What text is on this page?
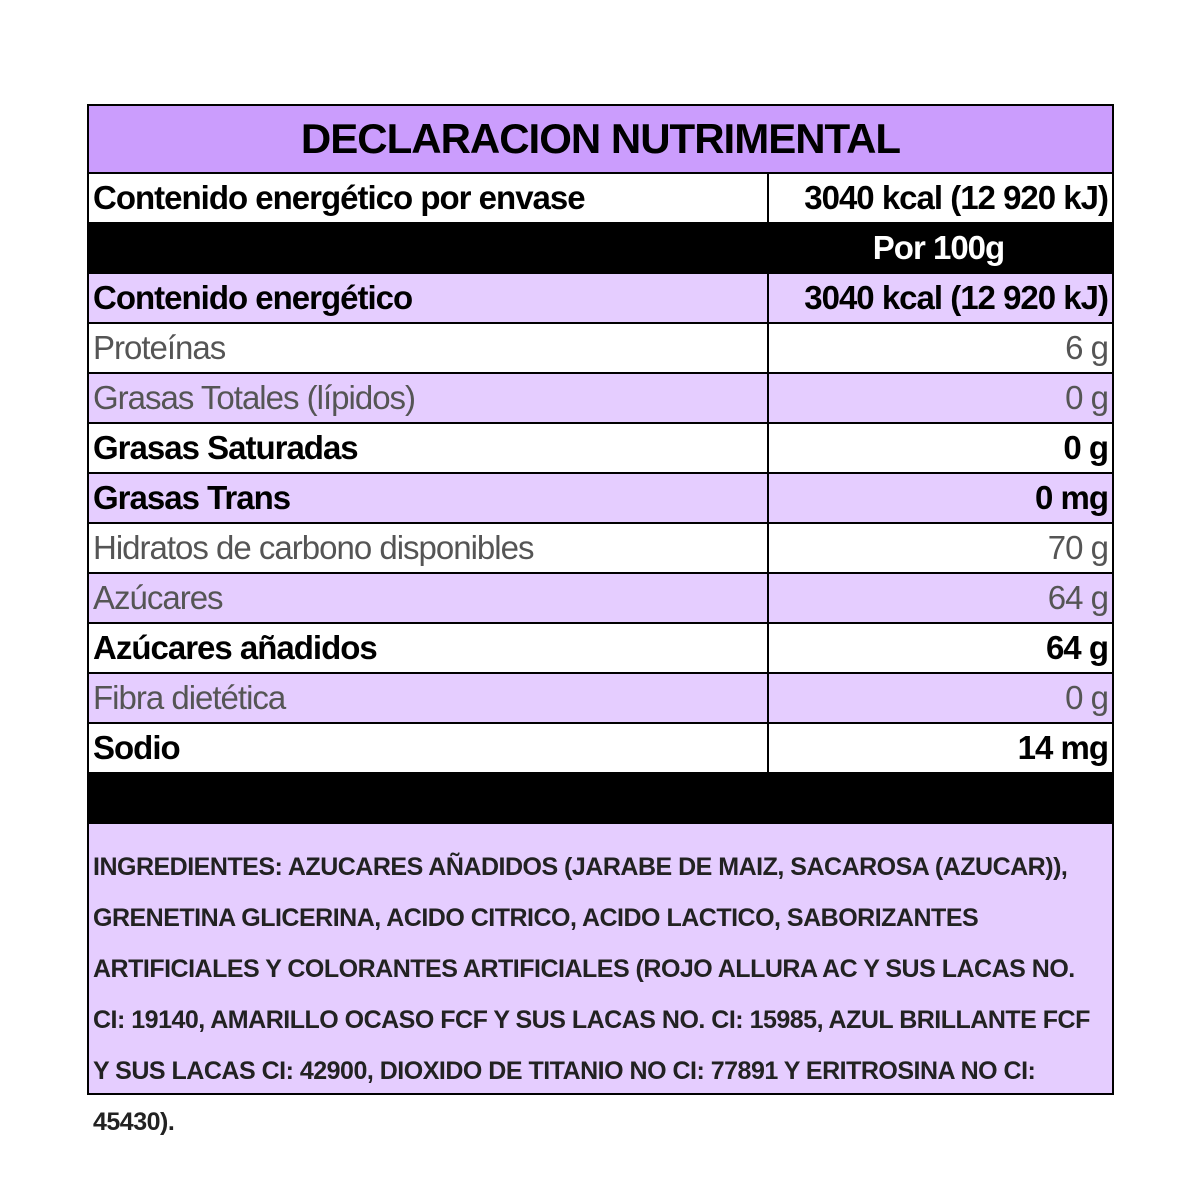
DECLARACION NUTRIMENTAL
Contenido energético por envase	3040 kcal (12 920 kJ)
Por 100g
Contenido energético	3040 kcal (12 920 kJ)
Proteínas	6 g
Grasas Totales (lípidos)	0 g
Grasas Saturadas	0 g
Grasas Trans	0 mg
Hidratos de carbono disponibles	70 g
Azúcares	64 g
Azúcares añadidos	64 g
Fibra dietética	0 g
Sodio	14 mg
INGREDIENTES: AZUCARES AÑADIDOS (JARABE DE MAIZ, SACAROSA (AZUCAR)), GRENETINA GLICERINA, ACIDO CITRICO, ACIDO LACTICO, SABORIZANTES ARTIFICIALES Y COLORANTES ARTIFICIALES (ROJO ALLURA AC Y SUS LACAS NO. CI: 19140, AMARILLO OCASO FCF Y SUS LACAS NO. CI: 15985, AZUL BRILLANTE FCF Y SUS LACAS CI: 42900, DIOXIDO DE TITANIO NO CI: 77891 Y ERITROSINA NO CI: 45430).
